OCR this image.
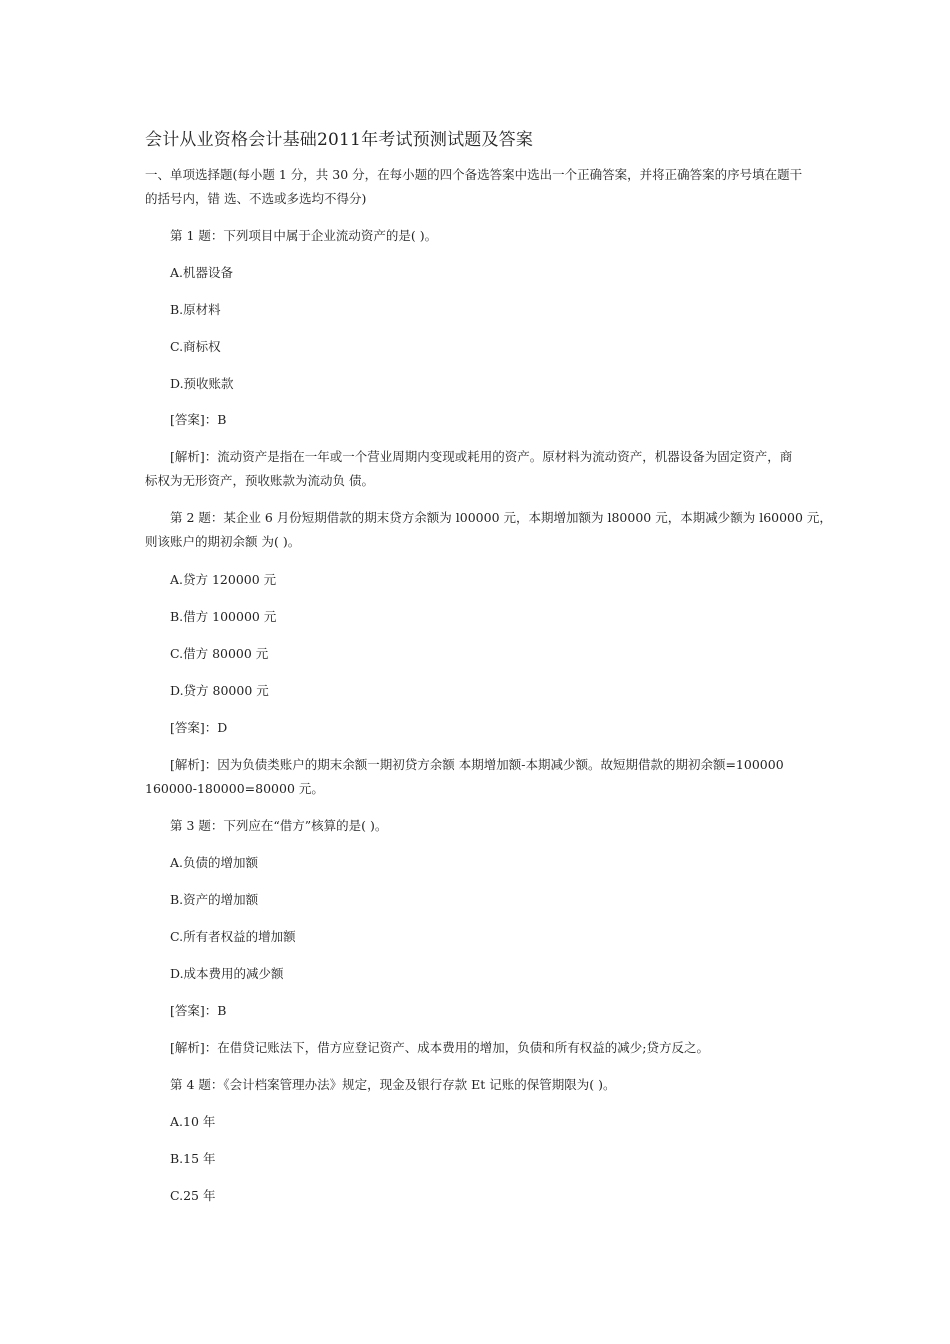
会计从业资格会计基础2011年考试预测试题及答案
一、单项选择题(每小题 1 分，共 30 分，在每小题的四个备选答案中选出一个正确答案，并将正确答案的序号填在题干
的括号内，错 选、不选或多选均不得分)
第 1 题：下列项目中属于企业流动资产的是( )。
A.机器设备
B.原材料
C.商标权
D.预收账款
[答案]：B
[解析]：流动资产是指在一年或一个营业周期内变现或耗用的资产。原材料为流动资产，机器设备为固定资产，商
标权为无形资产，预收账款为流动负 债。
第 2 题：某企业 6 月份短期借款的期末贷方余额为 l00000 元，本期增加额为 l80000 元，本期减少额为 l60000 元，
则该账户的期初余额 为( )。
A.贷方 120000 元
B.借方 100000 元
C.借方 80000 元
D.贷方 80000 元
[答案]：D
[解析]：因为负债类账户的期末余额一期初贷方余额 本期增加额-本期减少额。故短期借款的期初余额=100000
160000-180000=80000 元。
第 3 题：下列应在“借方”核算的是( )。
A.负债的增加额
B.资产的增加额
C.所有者权益的增加额
D.成本费用的减少额
[答案]：B
[解析]：在借贷记账法下，借方应登记资产、成本费用的增加，负债和所有权益的减少;贷方反之。
第 4 题：《会计档案管理办法》规定，现金及银行存款 Et 记账的保管期限为( )。
A.10 年
B.15 年
C.25 年
